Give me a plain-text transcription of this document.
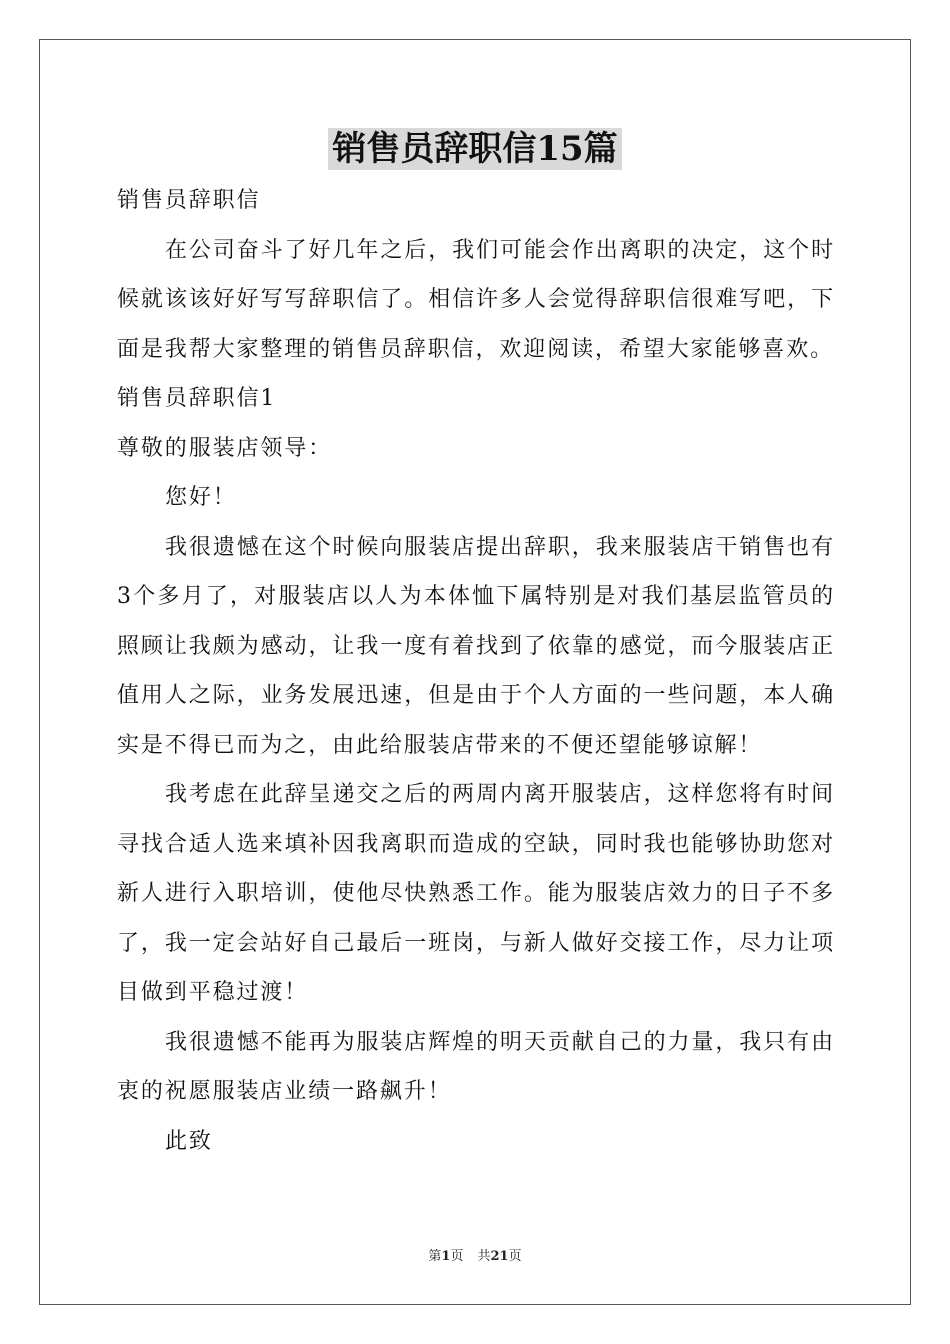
销售员辞职信15篇
销售员辞职信
在公司奋斗了好几年之后，我们可能会作出离职的决定，这个时候就该该好好写写辞职信了。相信许多人会觉得辞职信很难写吧，下面是我帮大家整理的销售员辞职信，欢迎阅读，希望大家能够喜欢。
销售员辞职信1
尊敬的服装店领导：
您好！
我很遗憾在这个时候向服装店提出辞职，我来服装店干销售也有3个多月了，对服装店以人为本体恤下属特别是对我们基层监管员的照顾让我颇为感动，让我一度有着找到了依靠的感觉，而今服装店正值用人之际，业务发展迅速，但是由于个人方面的一些问题，本人确实是不得已而为之，由此给服装店带来的不便还望能够谅解！
我考虑在此辞呈递交之后的两周内离开服装店，这样您将有时间寻找合适人选来填补因我离职而造成的空缺，同时我也能够协助您对新人进行入职培训，使他尽快熟悉工作。能为服装店效力的日子不多了，我一定会站好自己最后一班岗，与新人做好交接工作，尽力让项目做到平稳过渡！
我很遗憾不能再为服装店辉煌的明天贡献自己的力量，我只有由衷的祝愿服装店业绩一路飙升！
此致
第1页 共21页
